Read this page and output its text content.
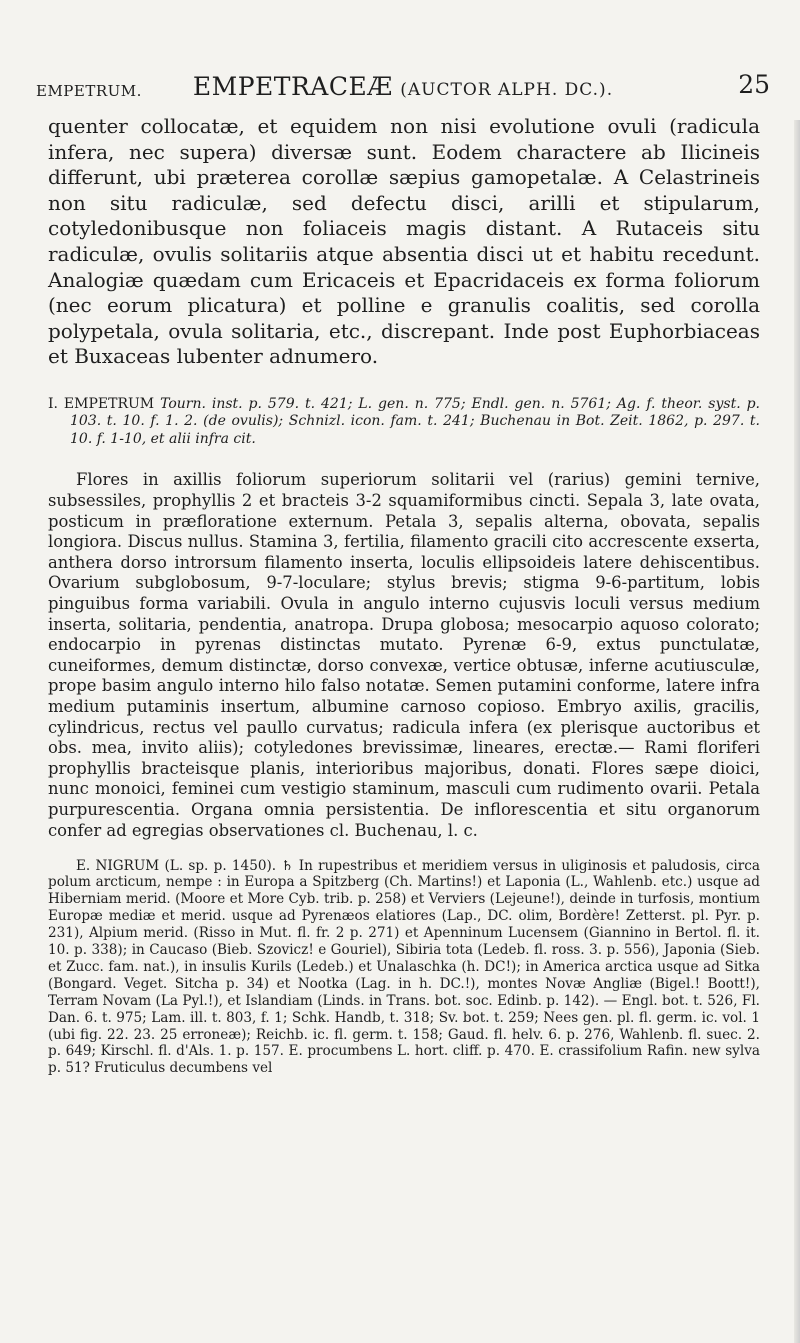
EMPETRUM.	EMPETRACEÆ (AUCTOR ALPH. DC.).	25

quenter collocatæ, et equidem non nisi evolutione ovuli (radicula infera, nec supera) diversæ sunt. Eodem charactere ab Ilicineis differunt, ubi præterea corollæ sæpius gamopetalæ. A Celastrineis non situ radiculæ, sed defectu disci, arilli et stipularum, cotyledonibusque non foliaceis magis distant. A Rutaceis situ radiculæ, ovulis solitariis atque absentia disci ut et habitu recedunt. Analogiæ quædam cum Ericaceis et Epacridaceis ex forma foliorum (nec eorum plicatura) et polline e granulis coalitis, sed corolla polypetala, ovula solitaria, etc., discrepant. Inde post Euphorbiaceas et Buxaceas lubenter adnumero.

I. EMPETRUM Tourn. inst. p. 579. t. 421; L. gen. n. 775; Endl. gen. n. 5761; Ag. f. theor. syst. p. 103. t. 10. f. 1. 2. (de ovulis); Schnizl. icon. fam. t. 241; Buchenau in Bot. Zeit. 1862, p. 297. t. 10. f. 1-10, et alii infra cit.

Flores in axillis foliorum superiorum solitarii vel (rarius) gemini ternive, subsessiles, prophyllis 2 et bracteis 3-2 squamiformibus cincti. Sepala 3, late ovata, posticum in præfloratione externum. Petala 3, sepalis alterna, obovata, sepalis longiora. Discus nullus. Stamina 3, fertilia, filamento gracili cito accrescente exserta, anthera dorso introrsum filamento inserta, loculis ellipsoideis latere dehiscentibus. Ovarium subglobosum, 9-7-loculare; stylus brevis; stigma 9-6-partitum, lobis pinguibus forma variabili. Ovula in angulo interno cujusvis loculi versus medium inserta, solitaria, pendentia, anatropa. Drupa globosa; mesocarpio aquoso colorato; endocarpio in pyrenas distinctas mutato. Pyrenæ 6-9, extus punctulatæ, cuneiformes, demum distinctæ, dorso convexæ, vertice obtusæ, inferne acutiusculæ, prope basim angulo interno hilo falso notatæ. Semen putamini conforme, latere infra medium putaminis insertum, albumine carnoso copioso. Embryo axilis, gracilis, cylindricus, rectus vel paullo curvatus; radicula infera (ex plerisque auctoribus et obs. mea, invito aliis); cotyledones brevissimæ, lineares, erectæ.— Rami floriferi prophyllis bracteisque planis, interioribus majoribus, donati. Flores sæpe dioici, nunc monoici, feminei cum vestigio staminum, masculi cum rudimento ovarii. Petala purpurescentia. Organa omnia persistentia. De inflorescentia et situ organorum confer ad egregias observationes cl. Buchenau, l. c.

E. NIGRUM (L. sp. p. 1450). ♄ In rupestribus et meridiem versus in uliginosis et paludosis, circa polum arcticum, nempe : in Europa a Spitzberg (Ch. Martins!) et Laponia (L., Wahlenb. etc.) usque ad Hiberniam merid. (Moore et More Cyb. trib. p. 258) et Verviers (Lejeune!), deinde in turfosis, montium Europæ mediæ et merid. usque ad Pyrenæos elatiores (Lap., DC. olim, Bordère! Zetterst. pl. Pyr. p. 231), Alpium merid. (Risso in Mut. fl. fr. 2 p. 271) et Apenninum Lucensem (Giannino in Bertol. fl. it. 10. p. 338); in Caucaso (Bieb. Szovicz! e Gouriel), Sibiria tota (Ledeb. fl. ross. 3. p. 556), Japonia (Sieb. et Zucc. fam. nat.), in insulis Kurils (Ledeb.) et Unalaschka (h. DC!); in America arctica usque ad Sitka (Bongard. Veget. Sitcha p. 34) et Nootka (Lag. in h. DC.!), montes Novæ Angliæ (Bigel.! Boott!), Terram Novam (La Pyl.!), et Islandiam (Linds. in Trans. bot. soc. Edinb. p. 142). — Engl. bot. t. 526, Fl. Dan. 6. t. 975; Lam. ill. t. 803, f. 1; Schk. Handb, t. 318; Sv. bot. t. 259; Nees gen. pl. fl. germ. ic. vol. 1 (ubi fig. 22. 23. 25 erroneæ); Reichb. ic. fl. germ. t. 158; Gaud. fl. helv. 6. p. 276, Wahlenb. fl. suec. 2. p. 649; Kirschl. fl. d'Als. 1. p. 157. E. procumbens L. hort. cliff. p. 470. E. crassifolium Rafin. new sylva p. 51? Fruticulus decumbens vel
